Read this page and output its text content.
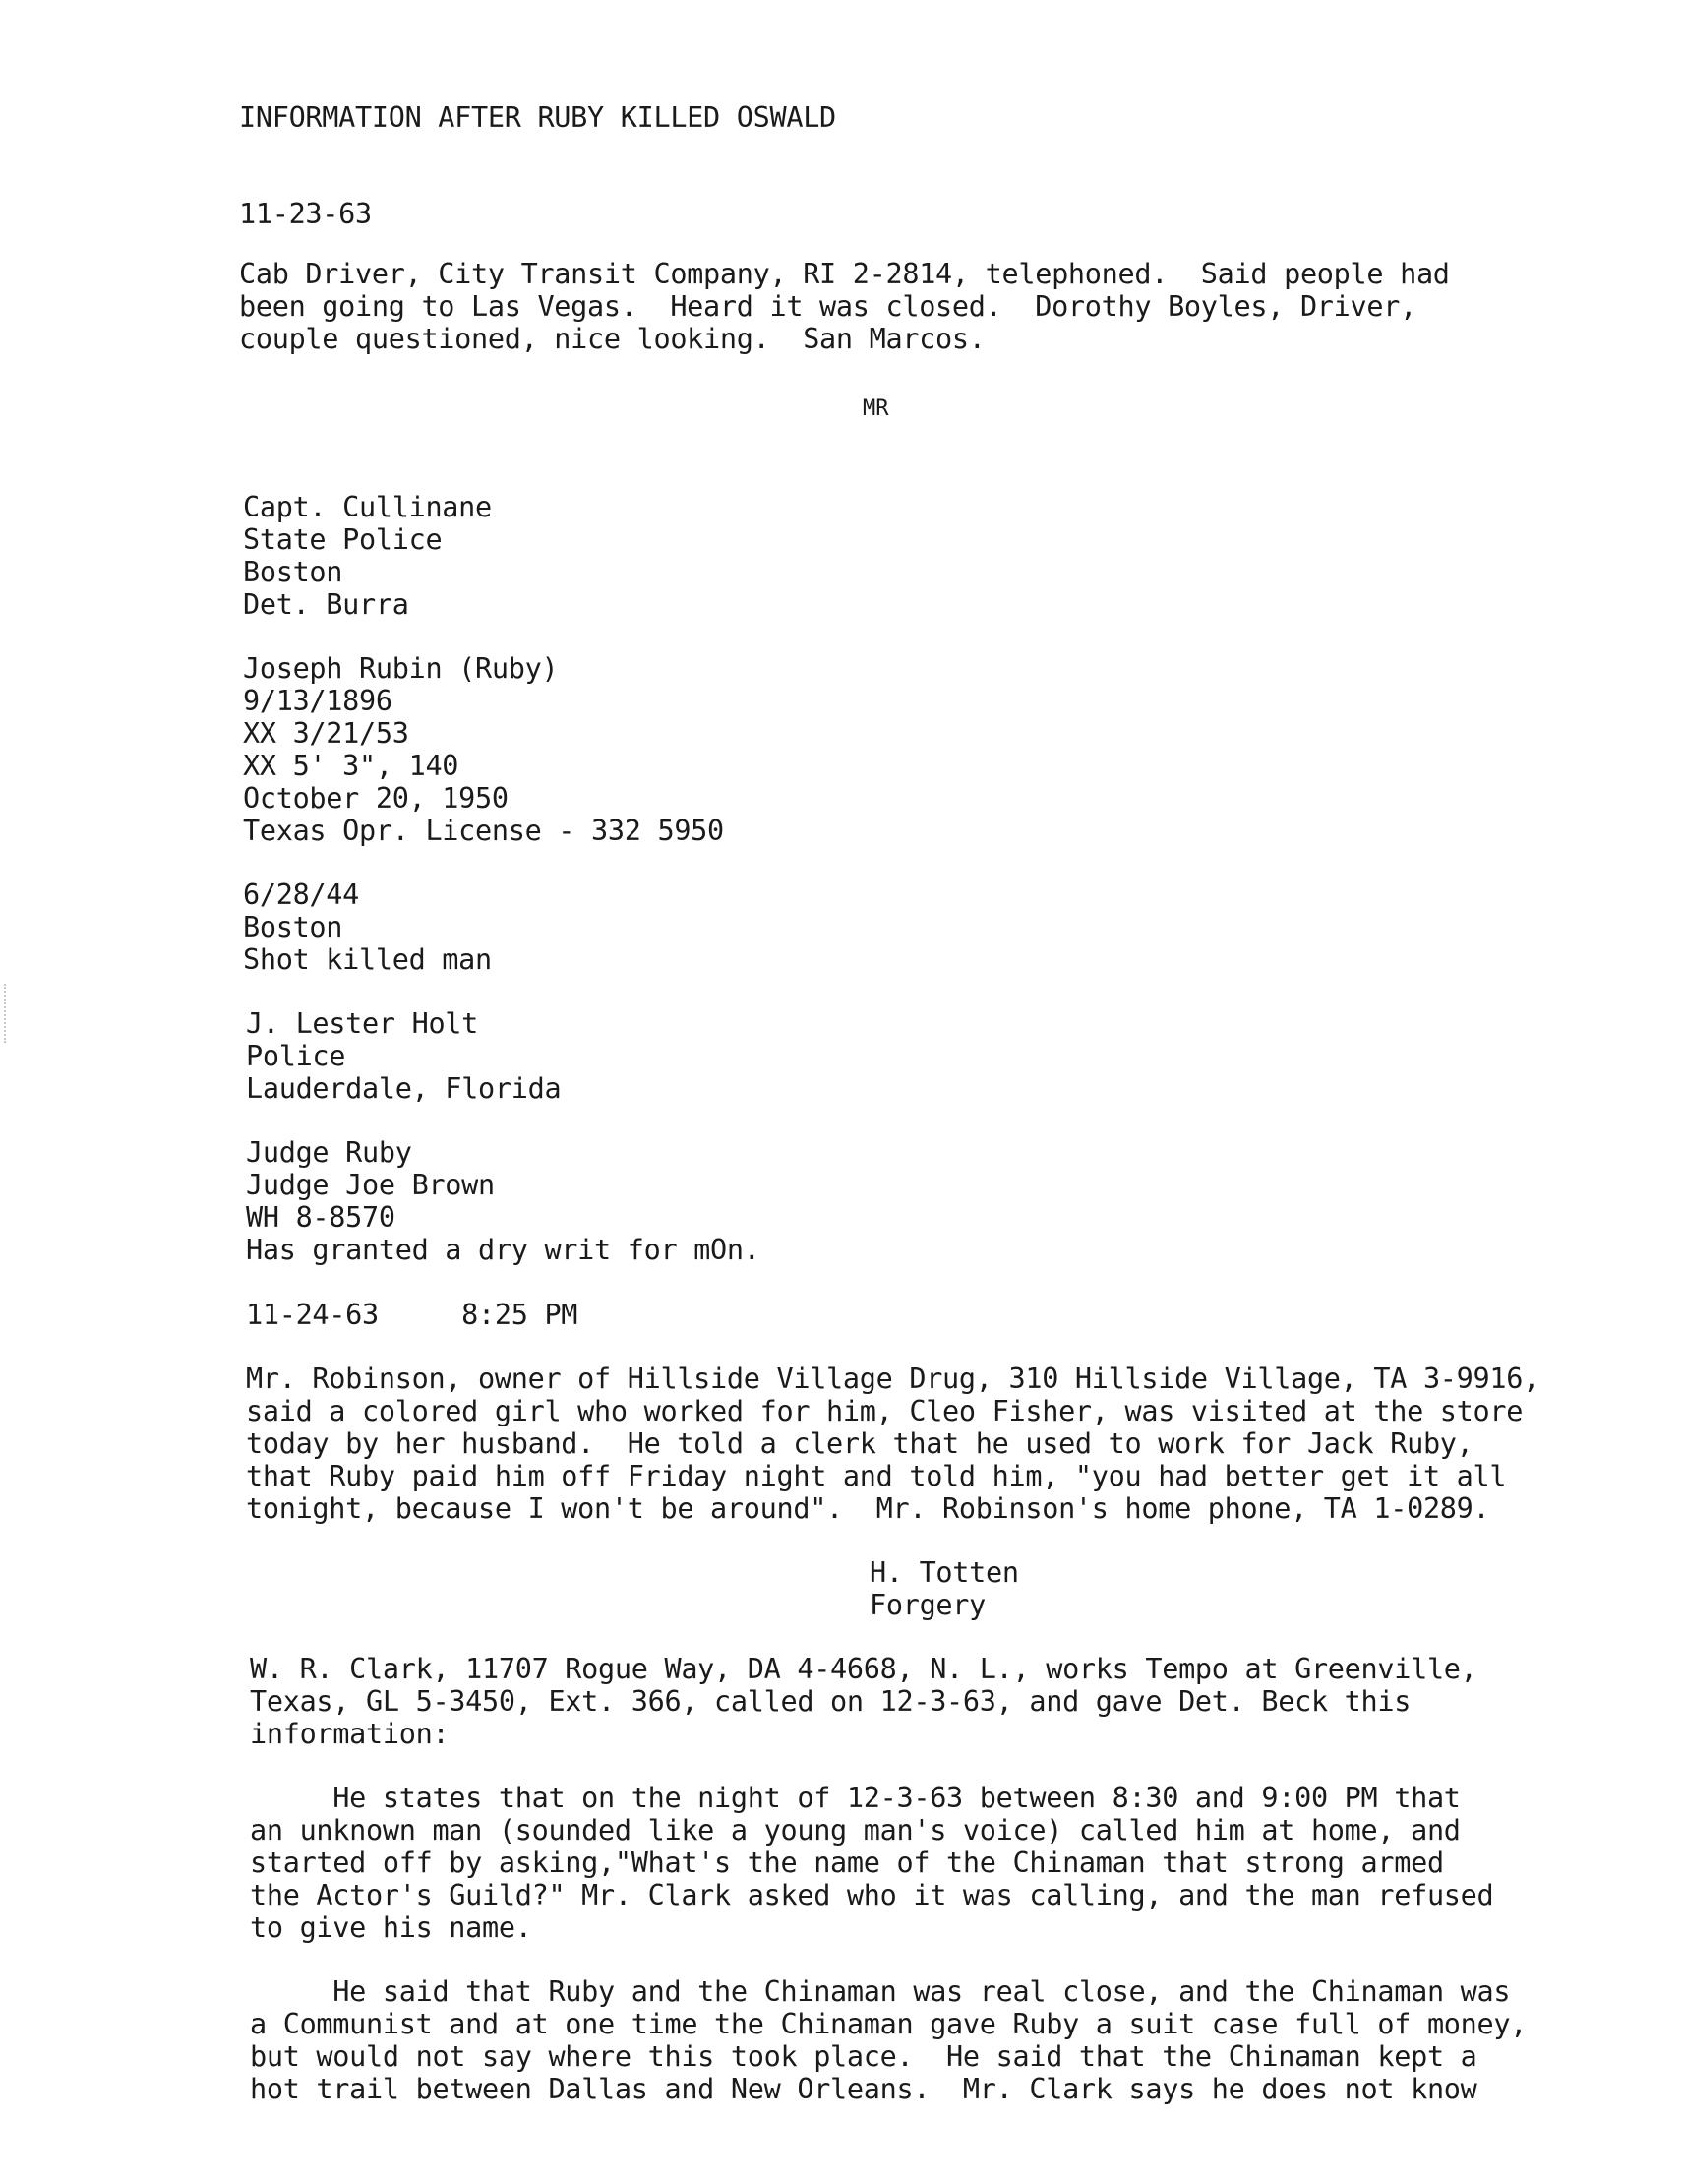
INFORMATION AFTER RUBY KILLED OSWALD
11-23-63
Cab Driver, City Transit Company, RI 2-2814, telephoned.  Said people had
been going to Las Vegas.  Heard it was closed.  Dorothy Boyles, Driver,
couple questioned, nice looking.  San Marcos.
MR
Capt. Cullinane
State Police
Boston
Det. Burra
Joseph Rubin (Ruby)
9/13/1896
XX 3/21/53
XX 5' 3", 140
October 20, 1950
Texas Opr. License - 332 5950
6/28/44
Boston
Shot killed man
J. Lester Holt
Police
Lauderdale, Florida
Judge Ruby
Judge Joe Brown
WH 8-8570
Has granted a dry writ for mOn.
11-24-63     8:25 PM
Mr. Robinson, owner of Hillside Village Drug, 310 Hillside Village, TA 3-9916,
said a colored girl who worked for him, Cleo Fisher, was visited at the store
today by her husband.  He told a clerk that he used to work for Jack Ruby,
that Ruby paid him off Friday night and told him, "you had better get it all
tonight, because I won't be around".  Mr. Robinson's home phone, TA 1-0289.
H. Totten
Forgery
W. R. Clark, 11707 Rogue Way, DA 4-4668, N. L., works Tempo at Greenville,
Texas, GL 5-3450, Ext. 366, called on 12-3-63, and gave Det. Beck this
information:
He states that on the night of 12-3-63 between 8:30 and 9:00 PM that
an unknown man (sounded like a young man's voice) called him at home, and
started off by asking,"What's the name of the Chinaman that strong armed
the Actor's Guild?" Mr. Clark asked who it was calling, and the man refused
to give his name.
He said that Ruby and the Chinaman was real close, and the Chinaman was
a Communist and at one time the Chinaman gave Ruby a suit case full of money,
but would not say where this took place.  He said that the Chinaman kept a
hot trail between Dallas and New Orleans.  Mr. Clark says he does not know
